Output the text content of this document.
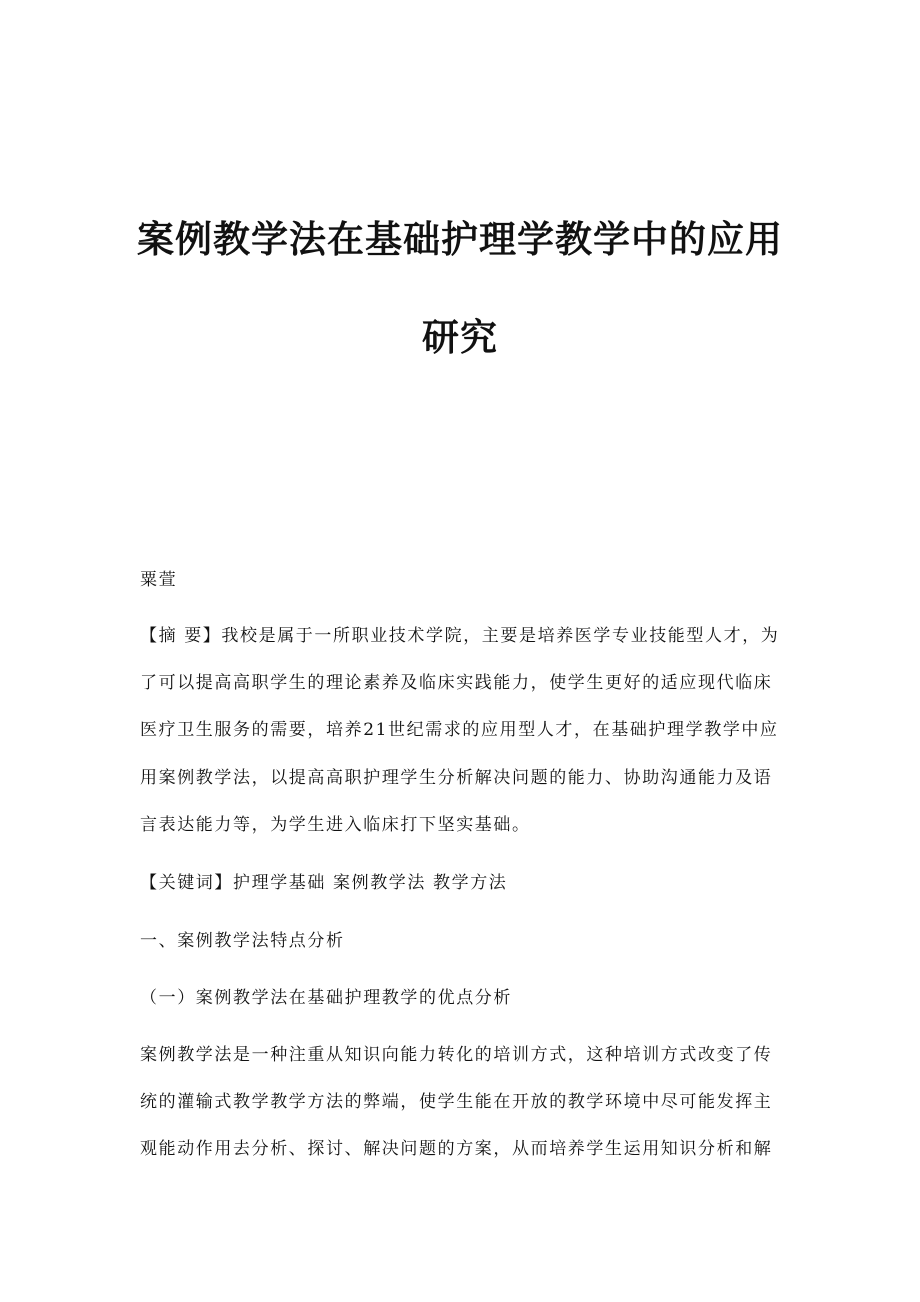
案例教学法在基础护理学教学中的应用
研究
粟萱
【摘 要】我校是属于一所职业技术学院，主要是培养医学专业技能型人才，为
了可以提高高职学生的理论素养及临床实践能力，使学生更好的适应现代临床
医疗卫生服务的需要，培养21世纪需求的应用型人才，在基础护理学教学中应
用案例教学法，以提高高职护理学生分析解决问题的能力、协助沟通能力及语
言表达能力等，为学生进入临床打下坚实基础。
【关键词】护理学基础 案例教学法 教学方法
一、案例教学法特点分析
（一）案例教学法在基础护理教学的优点分析
案例教学法是一种注重从知识向能力转化的培训方式，这种培训方式改变了传
统的灌输式教学教学方法的弊端，使学生能在开放的教学环境中尽可能发挥主
观能动作用去分析、探讨、解决问题的方案，从而培养学生运用知识分析和解
